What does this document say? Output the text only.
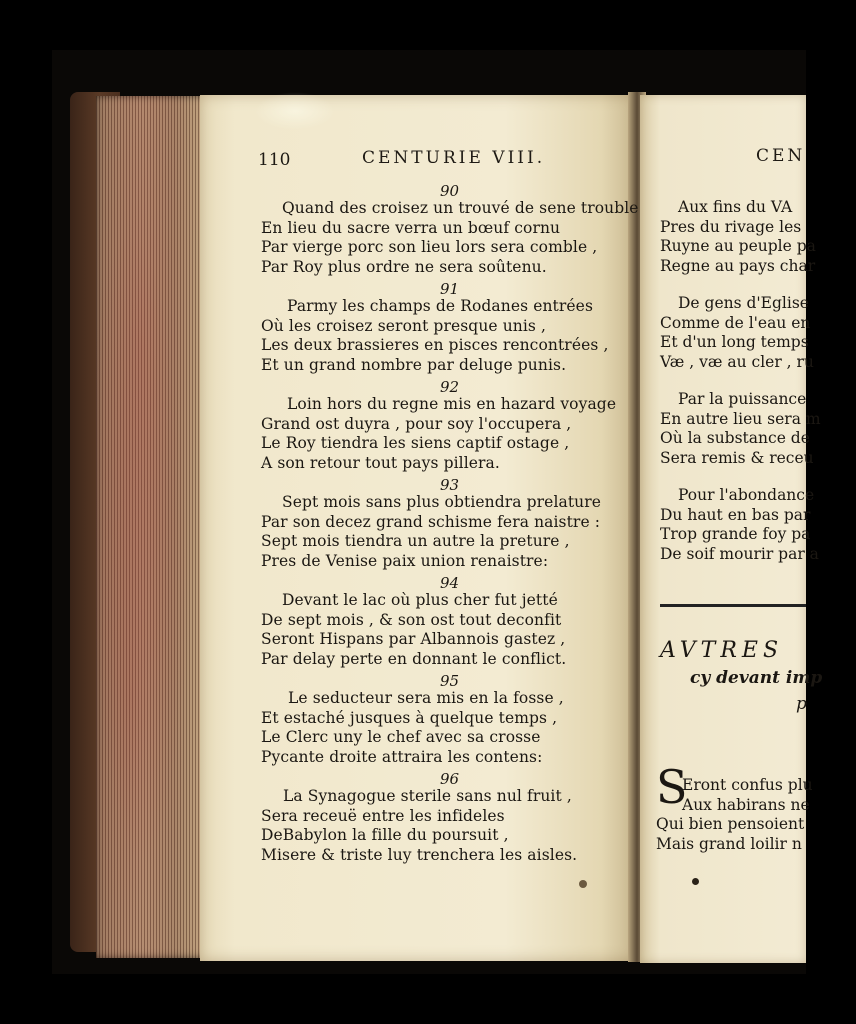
110	CENTURIE VIII.
90
Quand des croisez un trouvé de sene trouble
En lieu du sacre verra un bœuf cornu
Par vierge porc son lieu lors sera comble ,
Par Roy plus ordre ne sera soûtenu.
91
Parmy les champs de Rodanes entrées
Où les croisez seront presque unis ,
Les deux brassieres en pisces rencontrées ,
Et un grand nombre par deluge punis.
92
Loin hors du regne mis en hazard voyage
Grand ost duyra , pour soy l'occupera ,
Le Roy tiendra les siens captif ostage ,
A son retour tout pays pillera.
93
Sept mois sans plus obtiendra prelature
Par son decez grand schisme fera naistre :
Sept mois tiendra un autre la preture ,
Pres de Venise paix union renaistre:
94
Devant le lac où plus cher fut jetté
De sept mois , & son ost tout deconfit
Seront Hispans par Albannois gastez ,
Par delay perte en donnant le conflict.
95
Le seducteur sera mis en la fosse ,
Et estaché jusques à quelque temps ,
Le Clerc uny le chef avec sa crosse
Pycante droite attraira les contens:
96
La Synagogue sterile sans nul fruit ,
Sera receuë entre les infideles
DeBabylon la fille du poursuit ,
Misere & triste luy trenchera les aisles.
CEN
Aux fins du VA
Pres du rivage les
Ruyne au peuple pa
Regne au pays char
De gens d'Eglise
Comme de l'eau en
Et d'un long temps
Væ , væ au cler , ru
Par la puissance
En autre lieu sera m
Où la substance de
Sera remis & receu
Pour l'abondance
Du haut en bas par
Trop grande foy pa
De soif mourir par a
AVTRES
cy devant imp
p
S
Eront confus plu
Aux habirans ne
Qui bien pensoient
Mais grand loilir n
